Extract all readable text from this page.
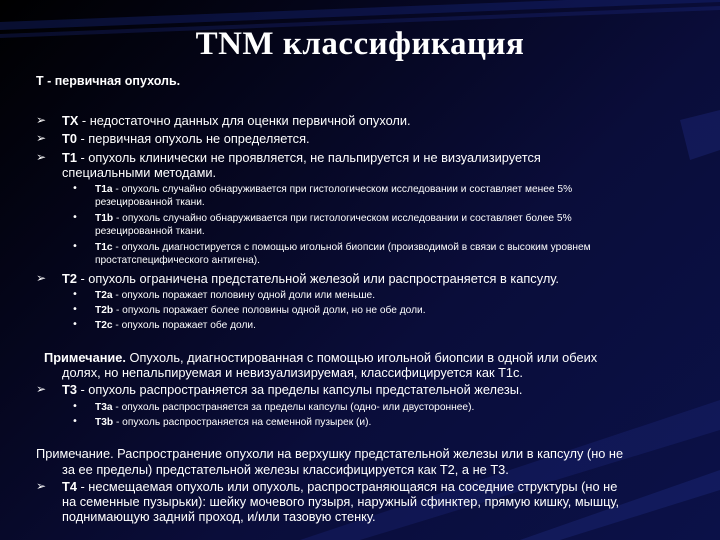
TNM классификация
Т - первичная опухоль.
➢ TX - недостаточно данных для оценки первичной опухоли.
➢ T0 - первичная опухоль не определяется.
➢ T1 - опухоль клинически не проявляется, не пальпируется и не визуализируется
специальными методами.
• T1a - опухоль случайно обнаруживается при гистологическом исследовании и составляет менее 5%
резецированной ткани.
• T1b - опухоль случайно обнаруживается при гистологическом исследовании и составляет более 5%
резецированной ткани.
• T1c - опухоль диагностируется с помощью игольной биопсии (производимой в связи с высоким уровнем
простатспецифического антигена).
➢ T2 - опухоль ограничена предстательной железой или распространяется в капсулу.
• T2a - опухоль поражает половину одной доли или меньше.
• T2b - опухоль поражает более половины одной доли, но не обе доли.
• T2c - опухоль поражает обе доли.
Примечание. Опухоль, диагностированная с помощью игольной биопсии в одной или обеих
долях, но непальпируемая и невизуализируемая, классифицируется как T1c.
➢ T3 - опухоль распространяется за пределы капсулы предстательной железы.
• T3a - опухоль распространяется за пределы капсулы (одно- или двустороннее).
• T3b - опухоль распространяется на семенной пузырек (и).
Примечание. Распространение опухоли на верхушку предстательной железы или в капсулу (но не
за ее пределы) предстательной железы классифицируется как T2, а не T3.
➢ T4 - несмещаемая опухоль или опухоль, распространяющаяся на соседние структуры (но не
на семенные пузырьки): шейку мочевого пузыря, наружный сфинктер, прямую кишку, мышцу,
поднимающую задний проход, и/или тазовую стенку.
